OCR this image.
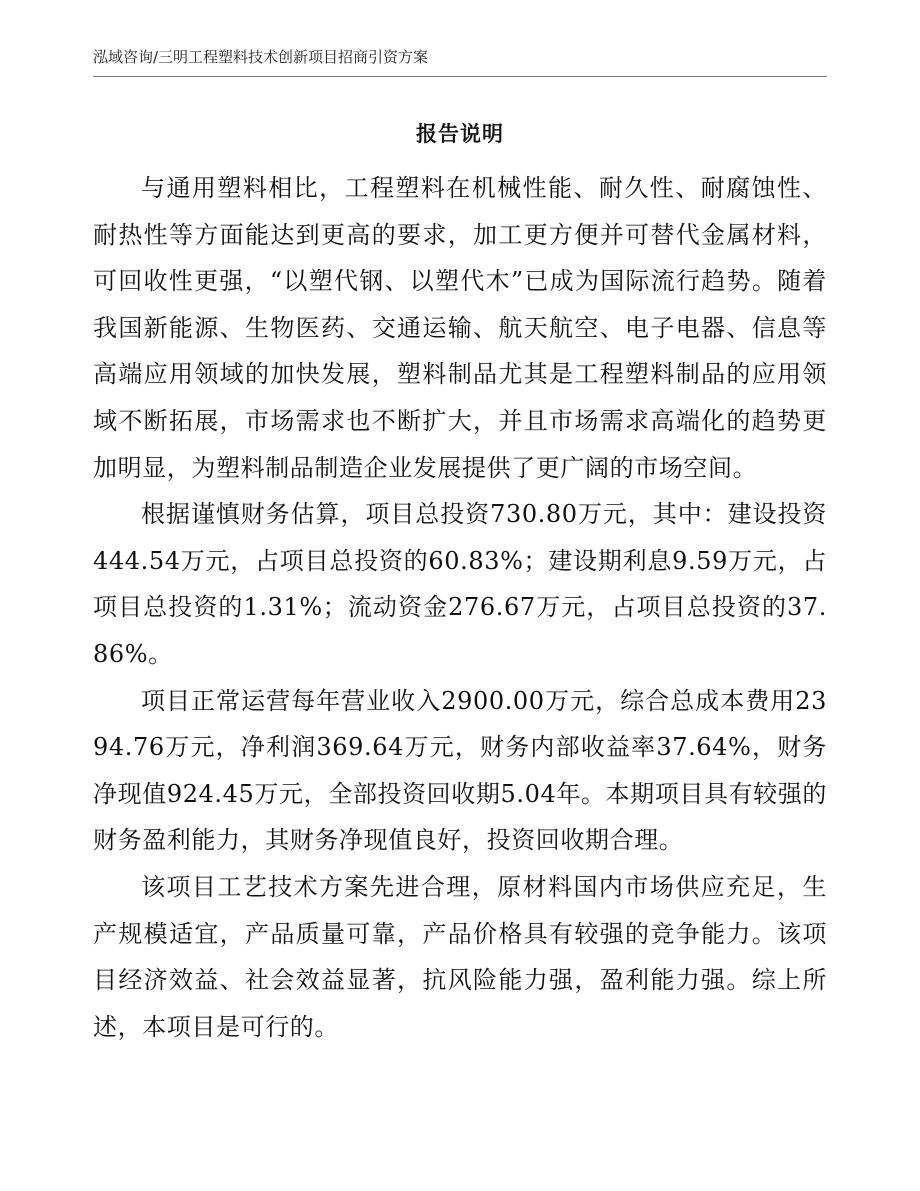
泓域咨询/三明工程塑料技术创新项目招商引资方案
报告说明

与通用塑料相比，工程塑料在机械性能、耐久性、耐腐蚀性、耐热性等方面能达到更高的要求，加工更方便并可替代金属材料，可回收性更强，“以塑代钢、以塑代木”已成为国际流行趋势。随着我国新能源、生物医药、交通运输、航天航空、电子电器、信息等高端应用领域的加快发展，塑料制品尤其是工程塑料制品的应用领域不断拓展，市场需求也不断扩大，并且市场需求高端化的趋势更加明显，为塑料制品制造企业发展提供了更广阔的市场空间。

根据谨慎财务估算，项目总投资730.80万元，其中：建设投资444.54万元，占项目总投资的60.83%；建设期利息9.59万元，占项目总投资的1.31%；流动资金276.67万元，占项目总投资的37.86%。

项目正常运营每年营业收入2900.00万元，综合总成本费用2394.76万元，净利润369.64万元，财务内部收益率37.64%，财务净现值924.45万元，全部投资回收期5.04年。本期项目具有较强的财务盈利能力，其财务净现值良好，投资回收期合理。

该项目工艺技术方案先进合理，原材料国内市场供应充足，生产规模适宜，产品质量可靠，产品价格具有较强的竞争能力。该项目经济效益、社会效益显著，抗风险能力强，盈利能力强。综上所述，本项目是可行的。
